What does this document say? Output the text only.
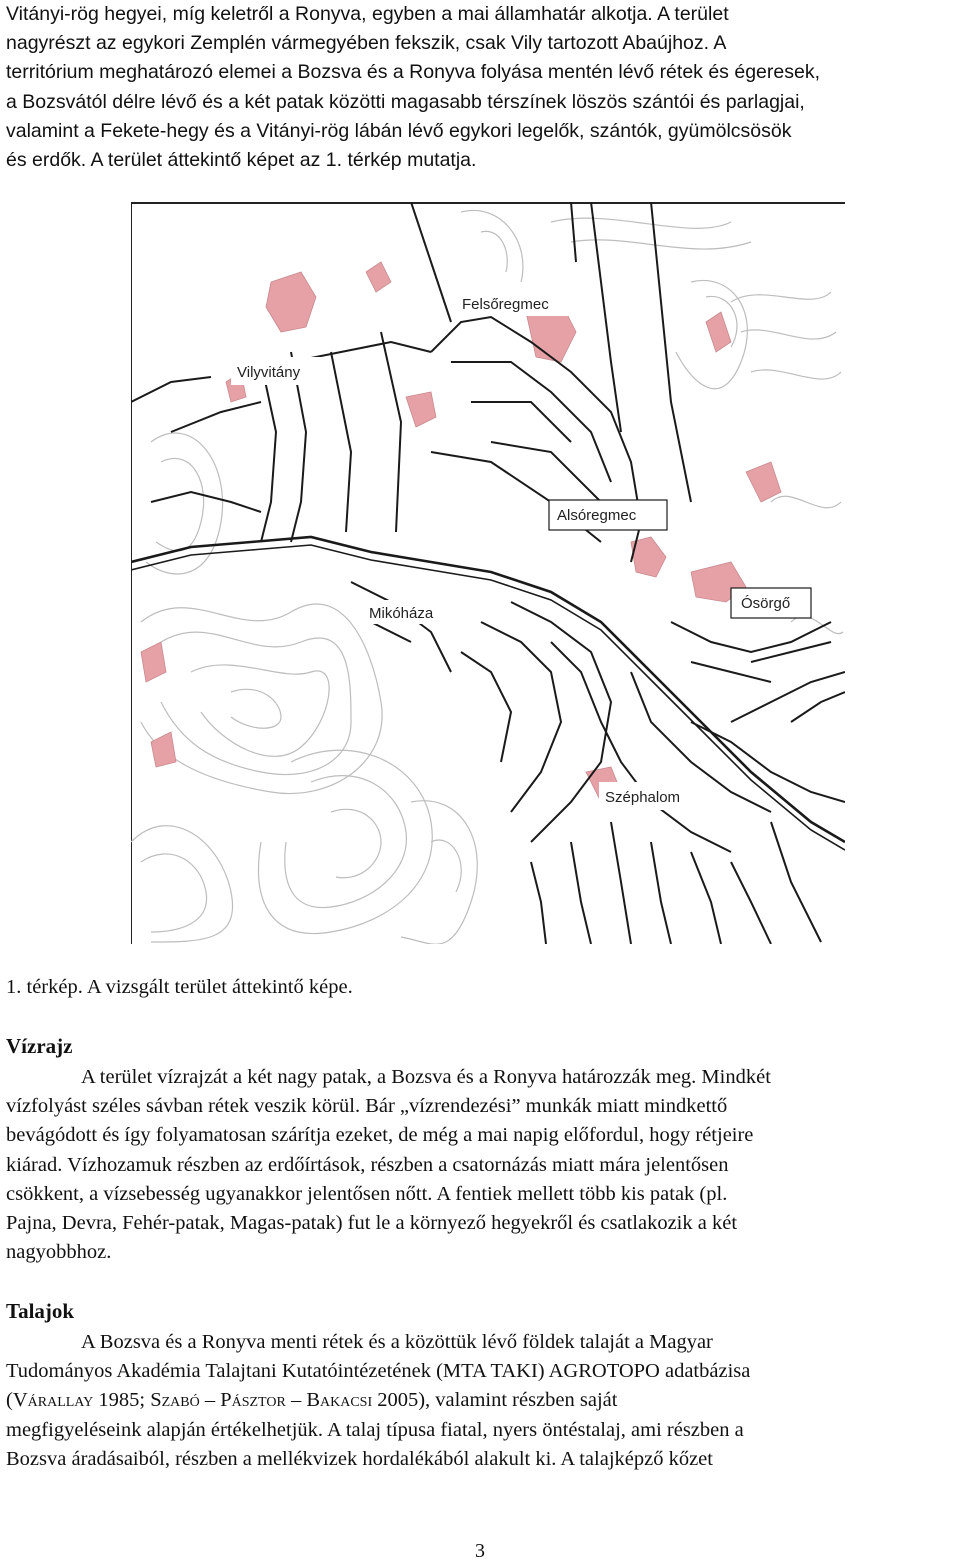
Vitányi-rög hegyei, míg keletről a Ronyva, egyben a mai államhatár alkotja. A terület
nagyrészt az egykori Zemplén vármegyében fekszik, csak Vily tartozott Abaújhoz. A
territórium meghatározó elemei a Bozsva és a Ronyva folyása mentén lévő rétek és égeresek,
a Bozsvától délre lévő és a két patak közötti magasabb térszínek löszös szántói és parlagjai,
valamint a Fekete-hegy és a Vitányi-rög lábán lévő egykori legelők, szántók, gyümölcsösök
és erdők. A terület áttekintő képet az 1. térkép mutatja.
Felsőregmec
Vilyvitány
Alsóregmec
Mikóháza
Ósörgő
Széphalom

1. térkép. A vizsgált terület áttekintő képe.

Vízrajz
A terület vízrajzát a két nagy patak, a Bozsva és a Ronyva határozzák meg. Mindkét
vízfolyást széles sávban rétek veszik körül. Bár „vízrendezési” munkák miatt mindkettő
bevágódott és így folyamatosan szárítja ezeket, de még a mai napig előfordul, hogy rétjeire
kiárad. Vízhozamuk részben az erdőírtások, részben a csatornázás miatt mára jelentősen
csökkent, a vízsebesség ugyanakkor jelentősen nőtt. A fentiek mellett több kis patak (pl.
Pajna, Devra, Fehér-patak, Magas-patak) fut le a környező hegyekről és csatlakozik a két
nagyobbhoz.
Talajok
A Bozsva és a Ronyva menti rétek és a közöttük lévő földek talaját a Magyar
Tudományos Akadémia Talajtani Kutatóintézetének (MTA TAKI) AGROTOPO adatbázisa
(Várallay 1985; Szabó – Pásztor – Bakacsi 2005), valamint részben saját
megfigyeléseink alapján értékelhetjük. A talaj típusa fiatal, nyers öntéstalaj, ami részben a
Bozsva áradásaiból, részben a mellékvizek hordalékából alakult ki. A talajképző kőzet

3
